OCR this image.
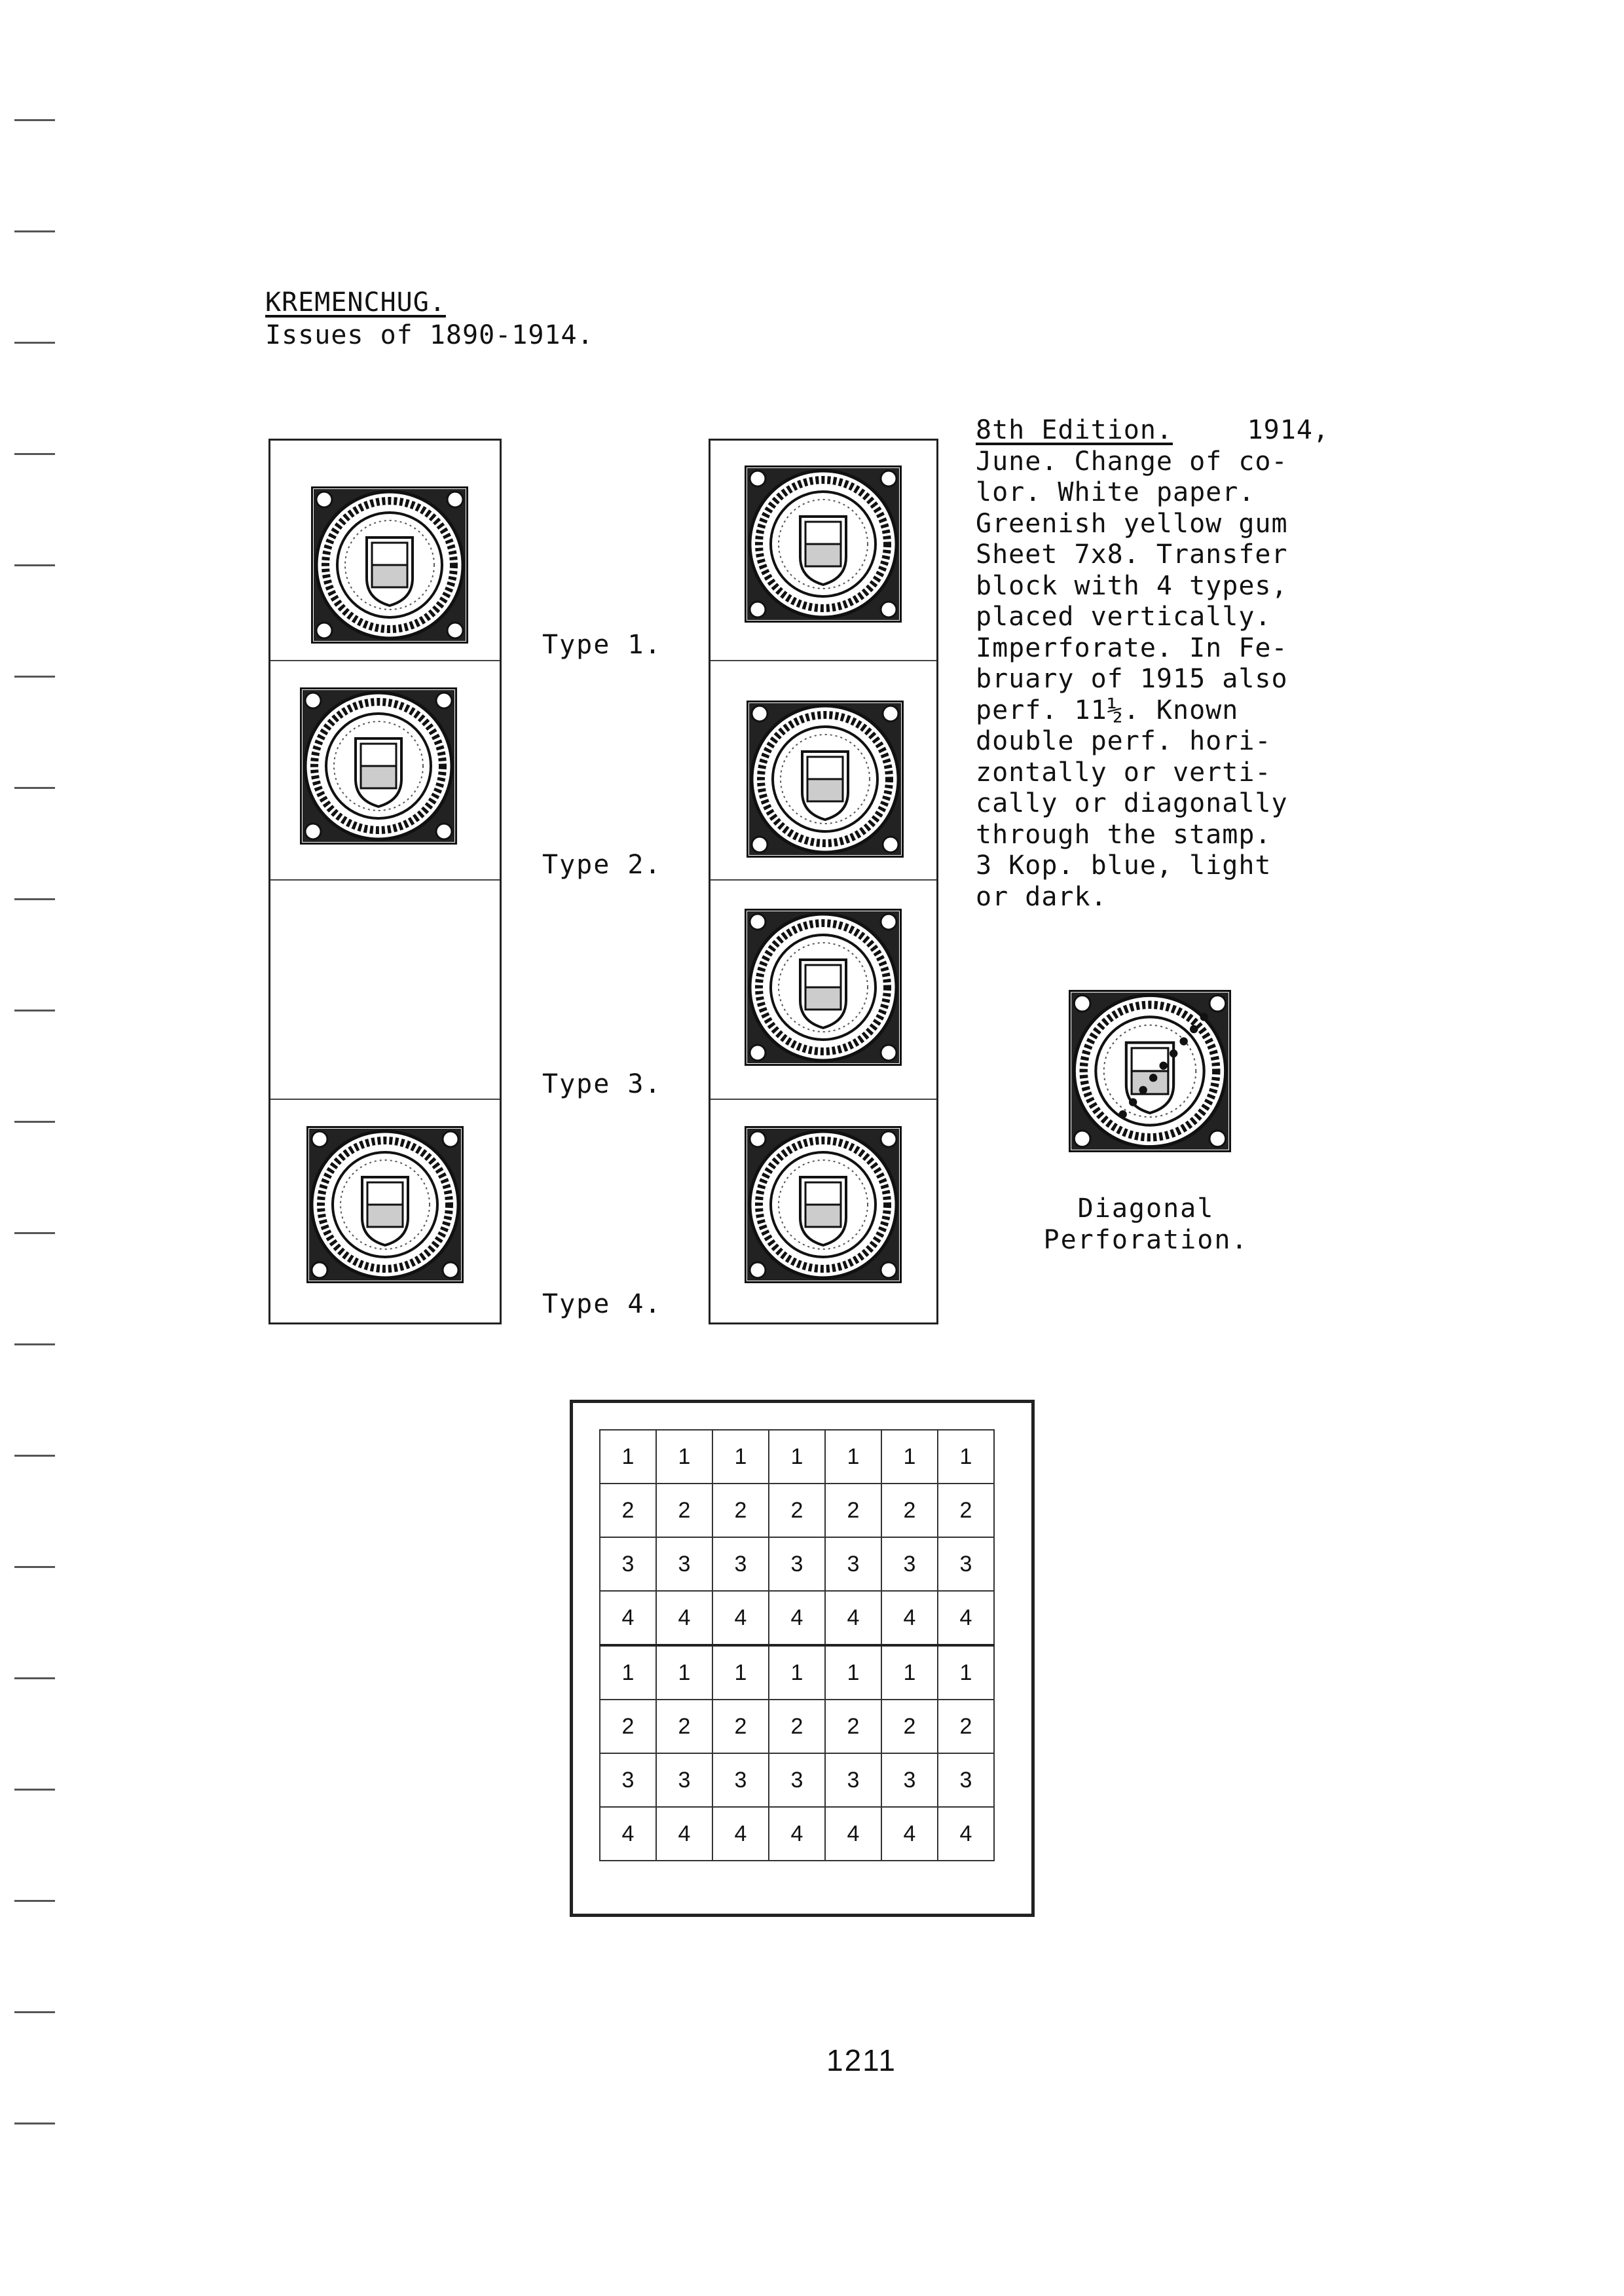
KREMENCHUG.
Issues of 1890-1914.
Type 1.
Type 2.
Type 3.
Type 4.
8th Edition.	1914,
June. Change of co-
lor. White paper.
Greenish yellow gum
Sheet 7x8. Transfer
block with 4 types,
placed vertically.
Imperforate. In Fe-
bruary of 1915 also
perf. 11½. Known
double perf. hori-
zontally or verti-
cally or diagonally
through the stamp.
3 Kop. blue, light
or dark.
Diagonal
Perforation.
1	1	1	1	1	1	1
2	2	2	2	2	2	2
3	3	3	3	3	3	3
4	4	4	4	4	4	4
1	1	1	1	1	1	1
2	2	2	2	2	2	2
3	3	3	3	3	3	3
4	4	4	4	4	4	4
1211
